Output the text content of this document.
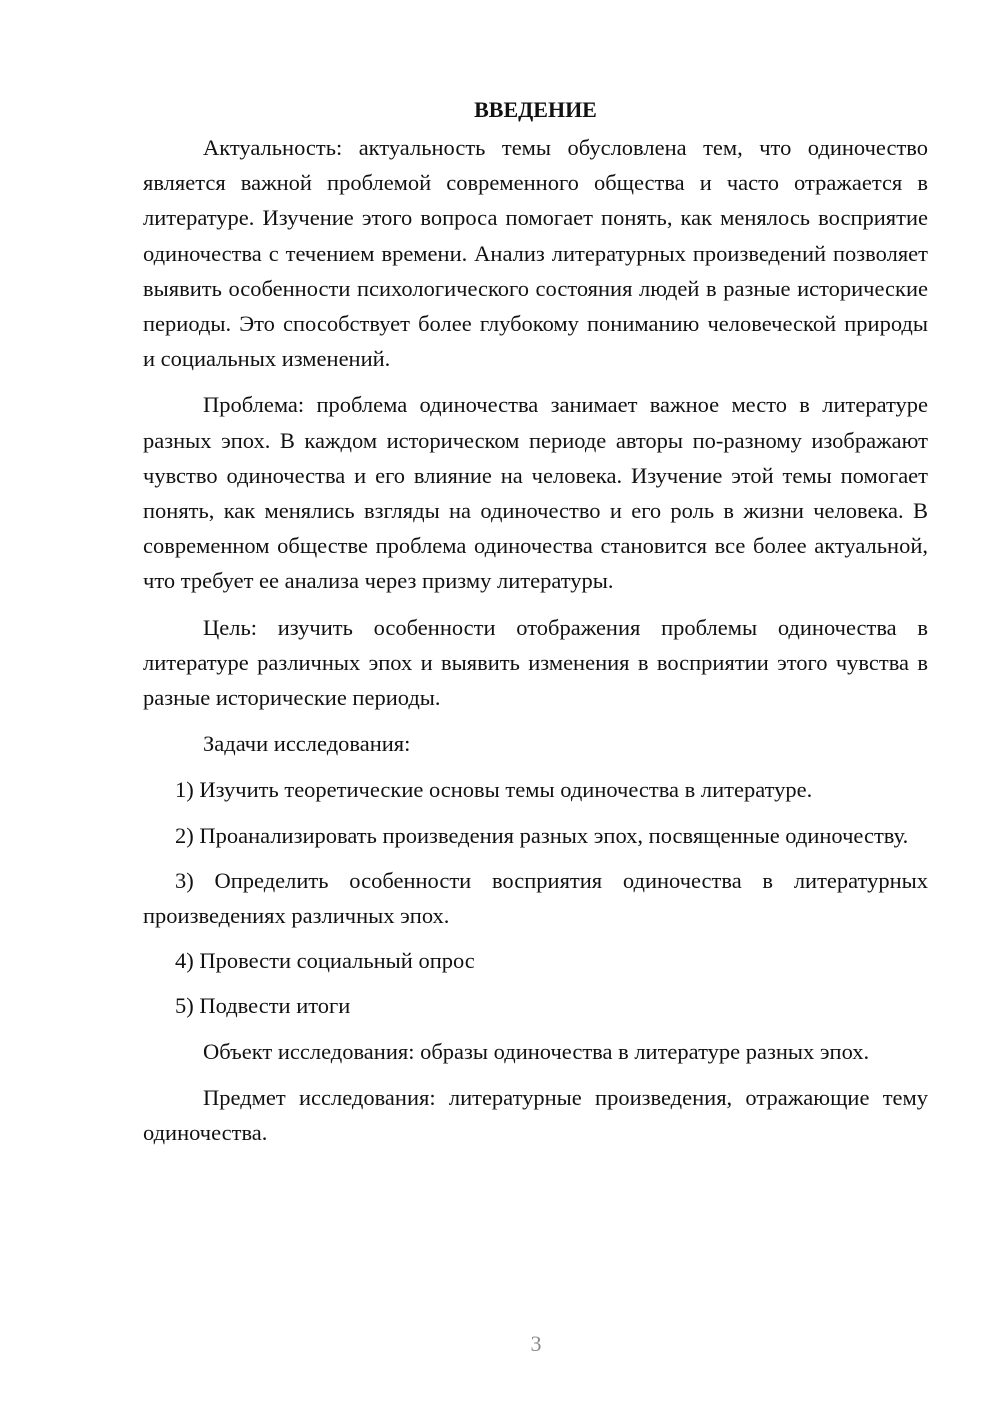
ВВЕДЕНИЕ

Актуальность: актуальность темы обусловлена тем, что одиночество является важной проблемой современного общества и часто отражается в литературе. Изучение этого вопроса помогает понять, как менялось восприятие одиночества с течением времени. Анализ литературных произведений позволяет выявить особенности психологического состояния людей в разные исторические периоды. Это способствует более глубокому пониманию человеческой природы и социальных изменений.

Проблема: проблема одиночества занимает важное место в литературе разных эпох. В каждом историческом периоде авторы по-разному изображают чувство одиночества и его влияние на человека. Изучение этой темы помогает понять, как менялись взгляды на одиночество и его роль в жизни человека. В современном обществе проблема одиночества становится все более актуальной, что требует ее анализа через призму литературы.

Цель: изучить особенности отображения проблемы одиночества в литературе различных эпох и выявить изменения в восприятии этого чувства в разные исторические периоды.

Задачи исследования:

1) Изучить теоретические основы темы одиночества в литературе.

2) Проанализировать произведения разных эпох, посвященные одиночеству.

3) Определить особенности восприятия одиночества в литературных произведениях различных эпох.

4) Провести социальный опрос

5) Подвести итоги

Объект исследования: образы одиночества в литературе разных эпох.

Предмет исследования: литературные произведения, отражающие тему одиночества.

3
